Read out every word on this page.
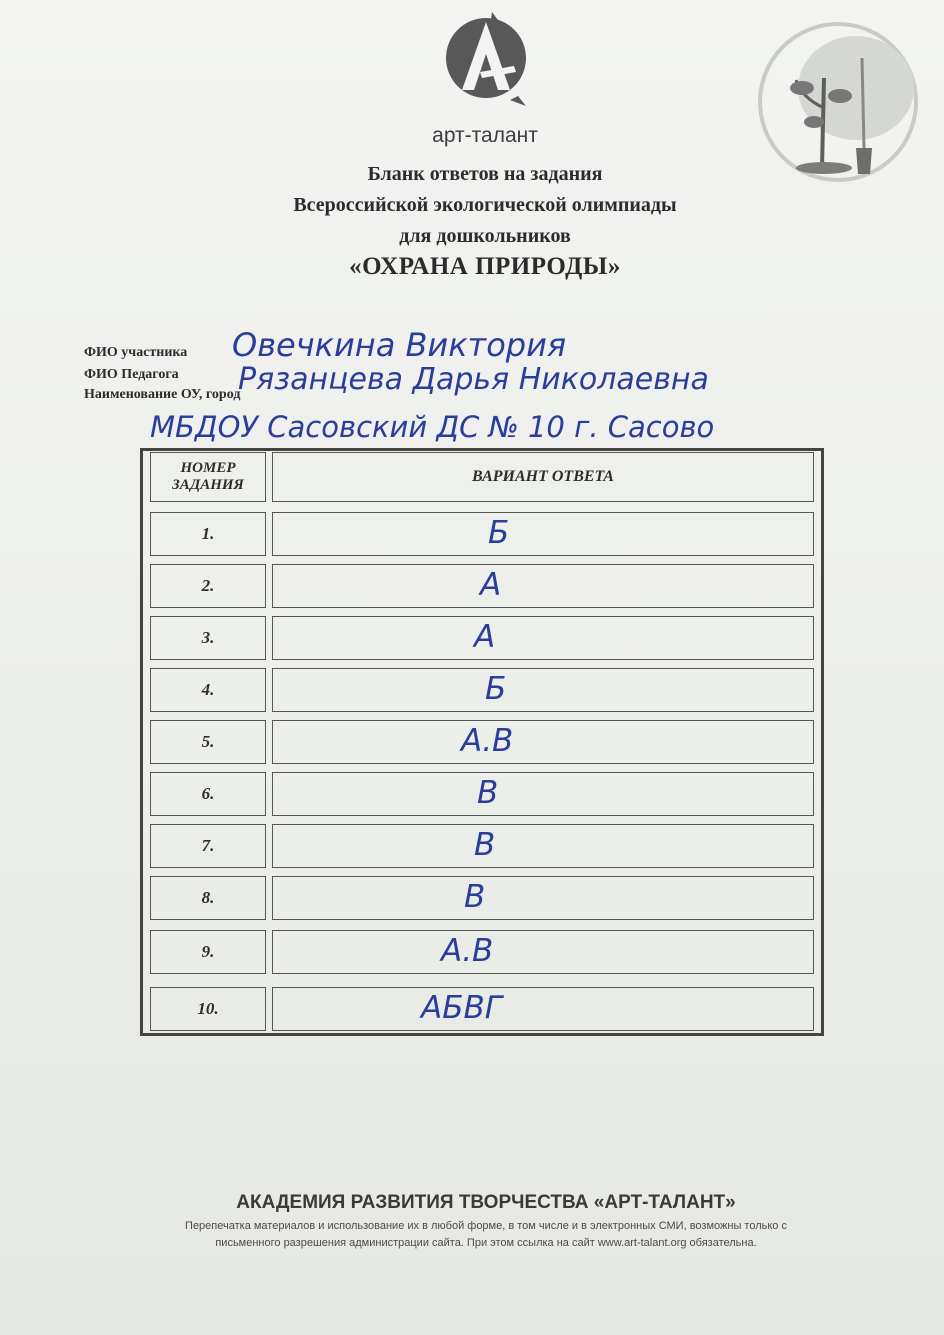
арт-талант
Бланк ответов на задания
Всероссийской экологической олимпиады
для дошкольников
«ОХРАНА ПРИРОДЫ»
ФИО участника Овечкина Виктория
ФИО Педагога Рязанцева Дарья Николаевна
Наименование ОУ, город
МБДОУ Сасовский ДС № 10 г. Сасово
НОМЕР ЗАДАНИЯ	ВАРИАНТ ОТВЕТА
1.	Б
2.	А
3.	А
4.	Б
5.	А.В
6.	В
7.	В
8.	В
9.	А.В
10.	АБВГ
АКАДЕМИЯ РАЗВИТИЯ ТВОРЧЕСТВА «АРТ-ТАЛАНТ»
Перепечатка материалов и использование их в любой форме, в том числе и в электронных СМИ, возможны только с
письменного разрешения администрации сайта. При этом ссылка на сайт www.art-talant.org обязательна.
